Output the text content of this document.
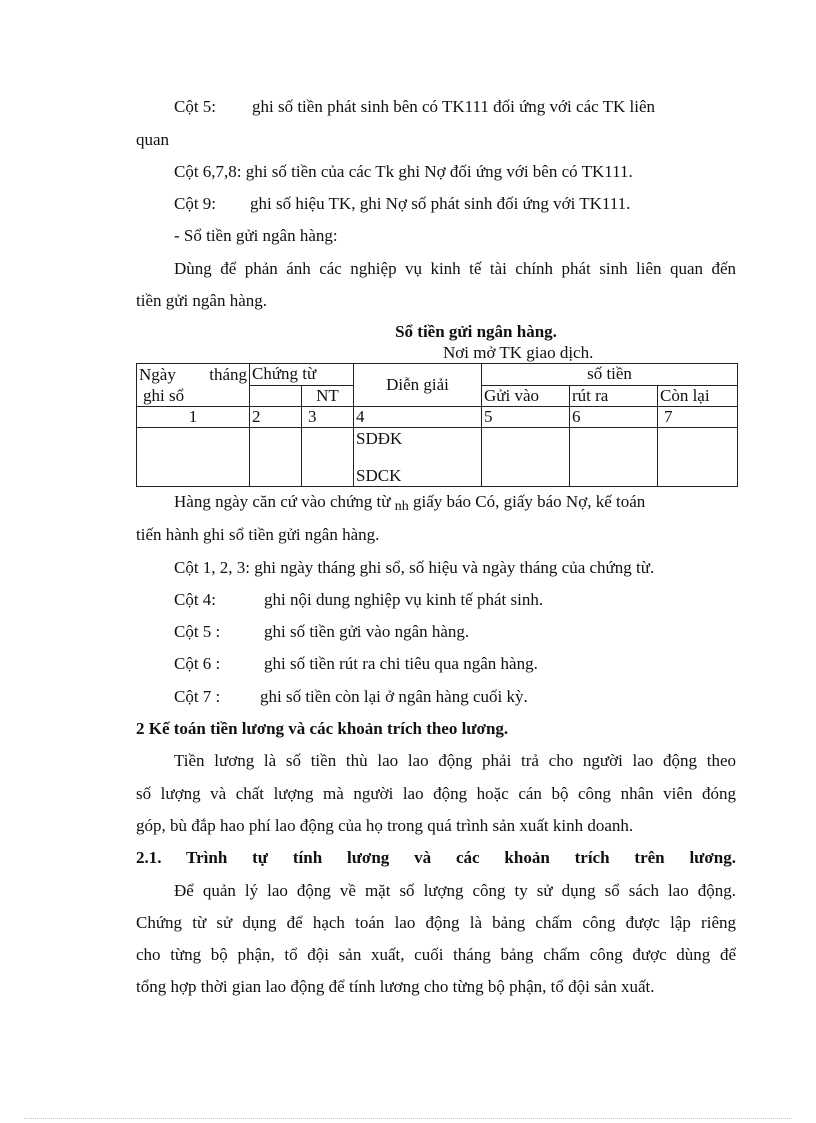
Cột 5: ghi số tiền phát sinh bên có TK111 đối ứng với các TK liên
quan
Cột 6,7,8: ghi số tiền của các Tk ghi Nợ đối ứng với bên có TK111.
Cột 9: ghi số hiệu TK, ghi Nợ số phát sinh đối ứng với TK111.
- Sổ tiền gửi ngân hàng:
Dùng để phản ánh các nghiệp vụ kinh tế tài chính phát sinh liên quan đến
tiền gửi ngân hàng.
Sổ tiền gửi ngân hàng.
Nơi mở TK giao dịch.
Ngày tháng
ghi sổ	Chứng từ		Diễn giải	số tiền		
		NT		Gửi vào	rút ra	Còn lại
1	2	3	4	5	6	7

			SDĐK
SDCK			

Hàng ngày căn cứ vào chứng từ nh giấy báo Có, giấy báo Nợ, kế toán
tiến hành ghi sổ tiền gửi ngân hàng.
Cột 1, 2, 3: ghi ngày tháng ghi sổ, số hiệu và ngày tháng của chứng từ.
Cột 4:	ghi nội dung nghiệp vụ kinh tế phát sinh.
Cột 5 :	ghi số tiền gửi vào ngân hàng.
Cột 6 :	ghi số tiền rút ra chi tiêu qua ngân hàng.
Cột 7 : ghi số tiền còn lại ở ngân hàng cuối kỳ.
2 Kế toán tiền lương và các khoản trích theo lương.
Tiền lương là số tiền thù lao lao động phải trả cho người lao động theo
số lượng và chất lượng mà người lao động hoặc cán bộ công nhân viên đóng
góp, bù đắp hao phí lao động của họ trong quá trình sản xuất kinh doanh.
2.1. Trình tự tính lương và các khoản trích trên lương.
Để quản lý lao động về mặt số lượng công ty sử dụng sổ sách lao động.
Chứng từ sử dụng để hạch toán lao động là bảng chấm công được lập riêng
cho từng bộ phận, tổ đội sản xuất, cuối tháng bảng chấm công được dùng để
tổng hợp thời gian lao động để tính lương cho từng bộ phận, tổ đội sản xuất.
